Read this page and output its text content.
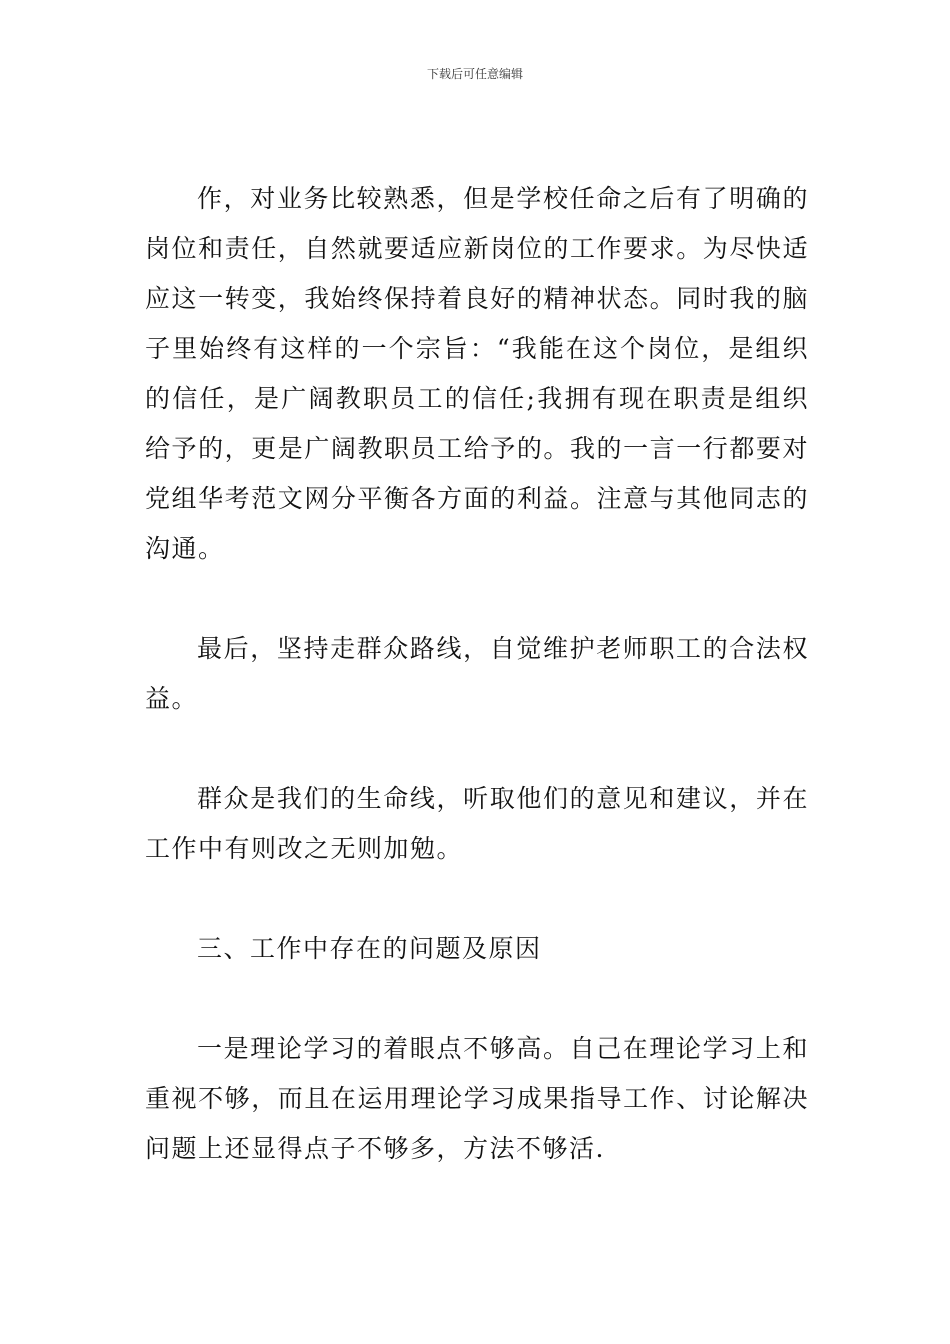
下载后可任意编辑

作，对业务比较熟悉，但是学校任命之后有了明确的岗位和责任，自然就要适应新岗位的工作要求。为尽快适应这一转变，我始终保持着良好的精神状态。同时我的脑子里始终有这样的一个宗旨：“我能在这个岗位，是组织的信任，是广阔教职员工的信任;我拥有现在职责是组织给予的，更是广阔教职员工给予的。我的一言一行都要对党组华考范文网分平衡各方面的利益。注意与其他同志的沟通。

最后，坚持走群众路线，自觉维护老师职工的合法权益。

群众是我们的生命线，听取他们的意见和建议，并在工作中有则改之无则加勉。

三、工作中存在的问题及原因

一是理论学习的着眼点不够高。自己在理论学习上和重视不够，而且在运用理论学习成果指导工作、讨论解决问题上还显得点子不够多，方法不够活.
